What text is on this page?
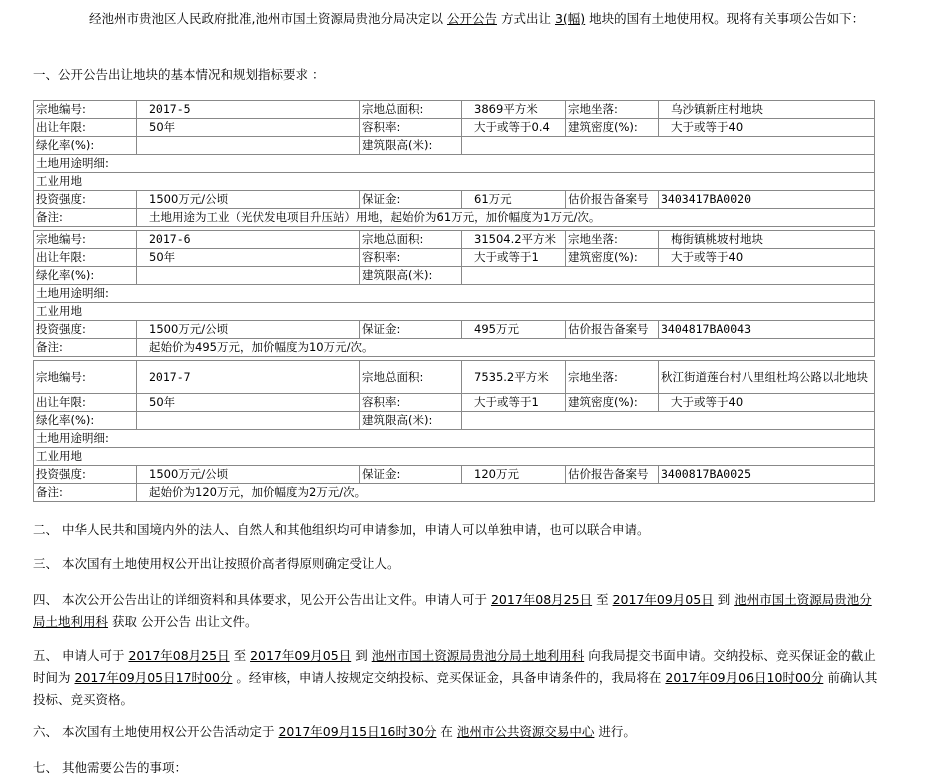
经池州市贵池区人民政府批准,池州市国土资源局贵池分局决定以 公开公告 方式出让 3(幅) 地块的国有土地使用权。现将有关事项公告如下：
一、公开公告出让地块的基本情况和规划指标要求 ：
宗地编号:	2017-5	宗地总面积:	3869平方米	宗地坐落:	乌沙镇新庄村地块
出让年限:	50年	容积率:	大于或等于0.4	建筑密度(%):	大于或等于40
绿化率(%):		建筑限高(米):			
土地用途明细:					
工业用地					
投资强度:	1500万元/公顷	保证金:	61万元	估价报告备案号	3403417BA0020
备注:	土地用途为工业（光伏发电项目升压站）用地，起始价为61万元，加价幅度为1万元/次。				
宗地编号:	2017-6	宗地总面积:	31504.2平方米	宗地坐落:	梅街镇桃坡村地块
出让年限:	50年	容积率:	大于或等于1	建筑密度(%):	大于或等于40
绿化率(%):		建筑限高(米):			
土地用途明细:					
工业用地					
投资强度:	1500万元/公顷	保证金:	495万元	估价报告备案号	3404817BA0043
备注:	起始价为495万元，加价幅度为10万元/次。				
宗地编号:	2017-7	宗地总面积:	7535.2平方米	宗地坐落:	秋江街道莲台村八里组杜坞公路以北地块
出让年限:	50年	容积率:	大于或等于1	建筑密度(%):	大于或等于40
绿化率(%):		建筑限高(米):			
土地用途明细:					
工业用地					
投资强度:	1500万元/公顷	保证金:	120万元	估价报告备案号	3400817BA0025
备注:	起始价为120万元，加价幅度为2万元/次。				
二、 中华人民共和国境内外的法人、自然人和其他组织均可申请参加，申请人可以单独申请，也可以联合申请。
三、 本次国有土地使用权公开出让按照价高者得原则确定受让人。
四、 本次公开公告出让的详细资料和具体要求，见公开公告出让文件。申请人可于 2017年08月25日 至 2017年09月05日 到 池州市国土资源局贵池分局土地利用科 获取 公开公告 出让文件。
五、 申请人可于 2017年08月25日 至 2017年09月05日 到 池州市国土资源局贵池分局土地利用科 向我局提交书面申请。交纳投标、竞买保证金的截止时间为 2017年09月05日17时00分 。经审核，申请人按规定交纳投标、竞买保证金，具备申请条件的，我局将在 2017年09月06日10时00分 前确认其投标、竞买资格。
六、 本次国有土地使用权公开公告活动定于 2017年09月15日16时30分 在 池州市公共资源交易中心 进行。
七、 其他需要公告的事项：
